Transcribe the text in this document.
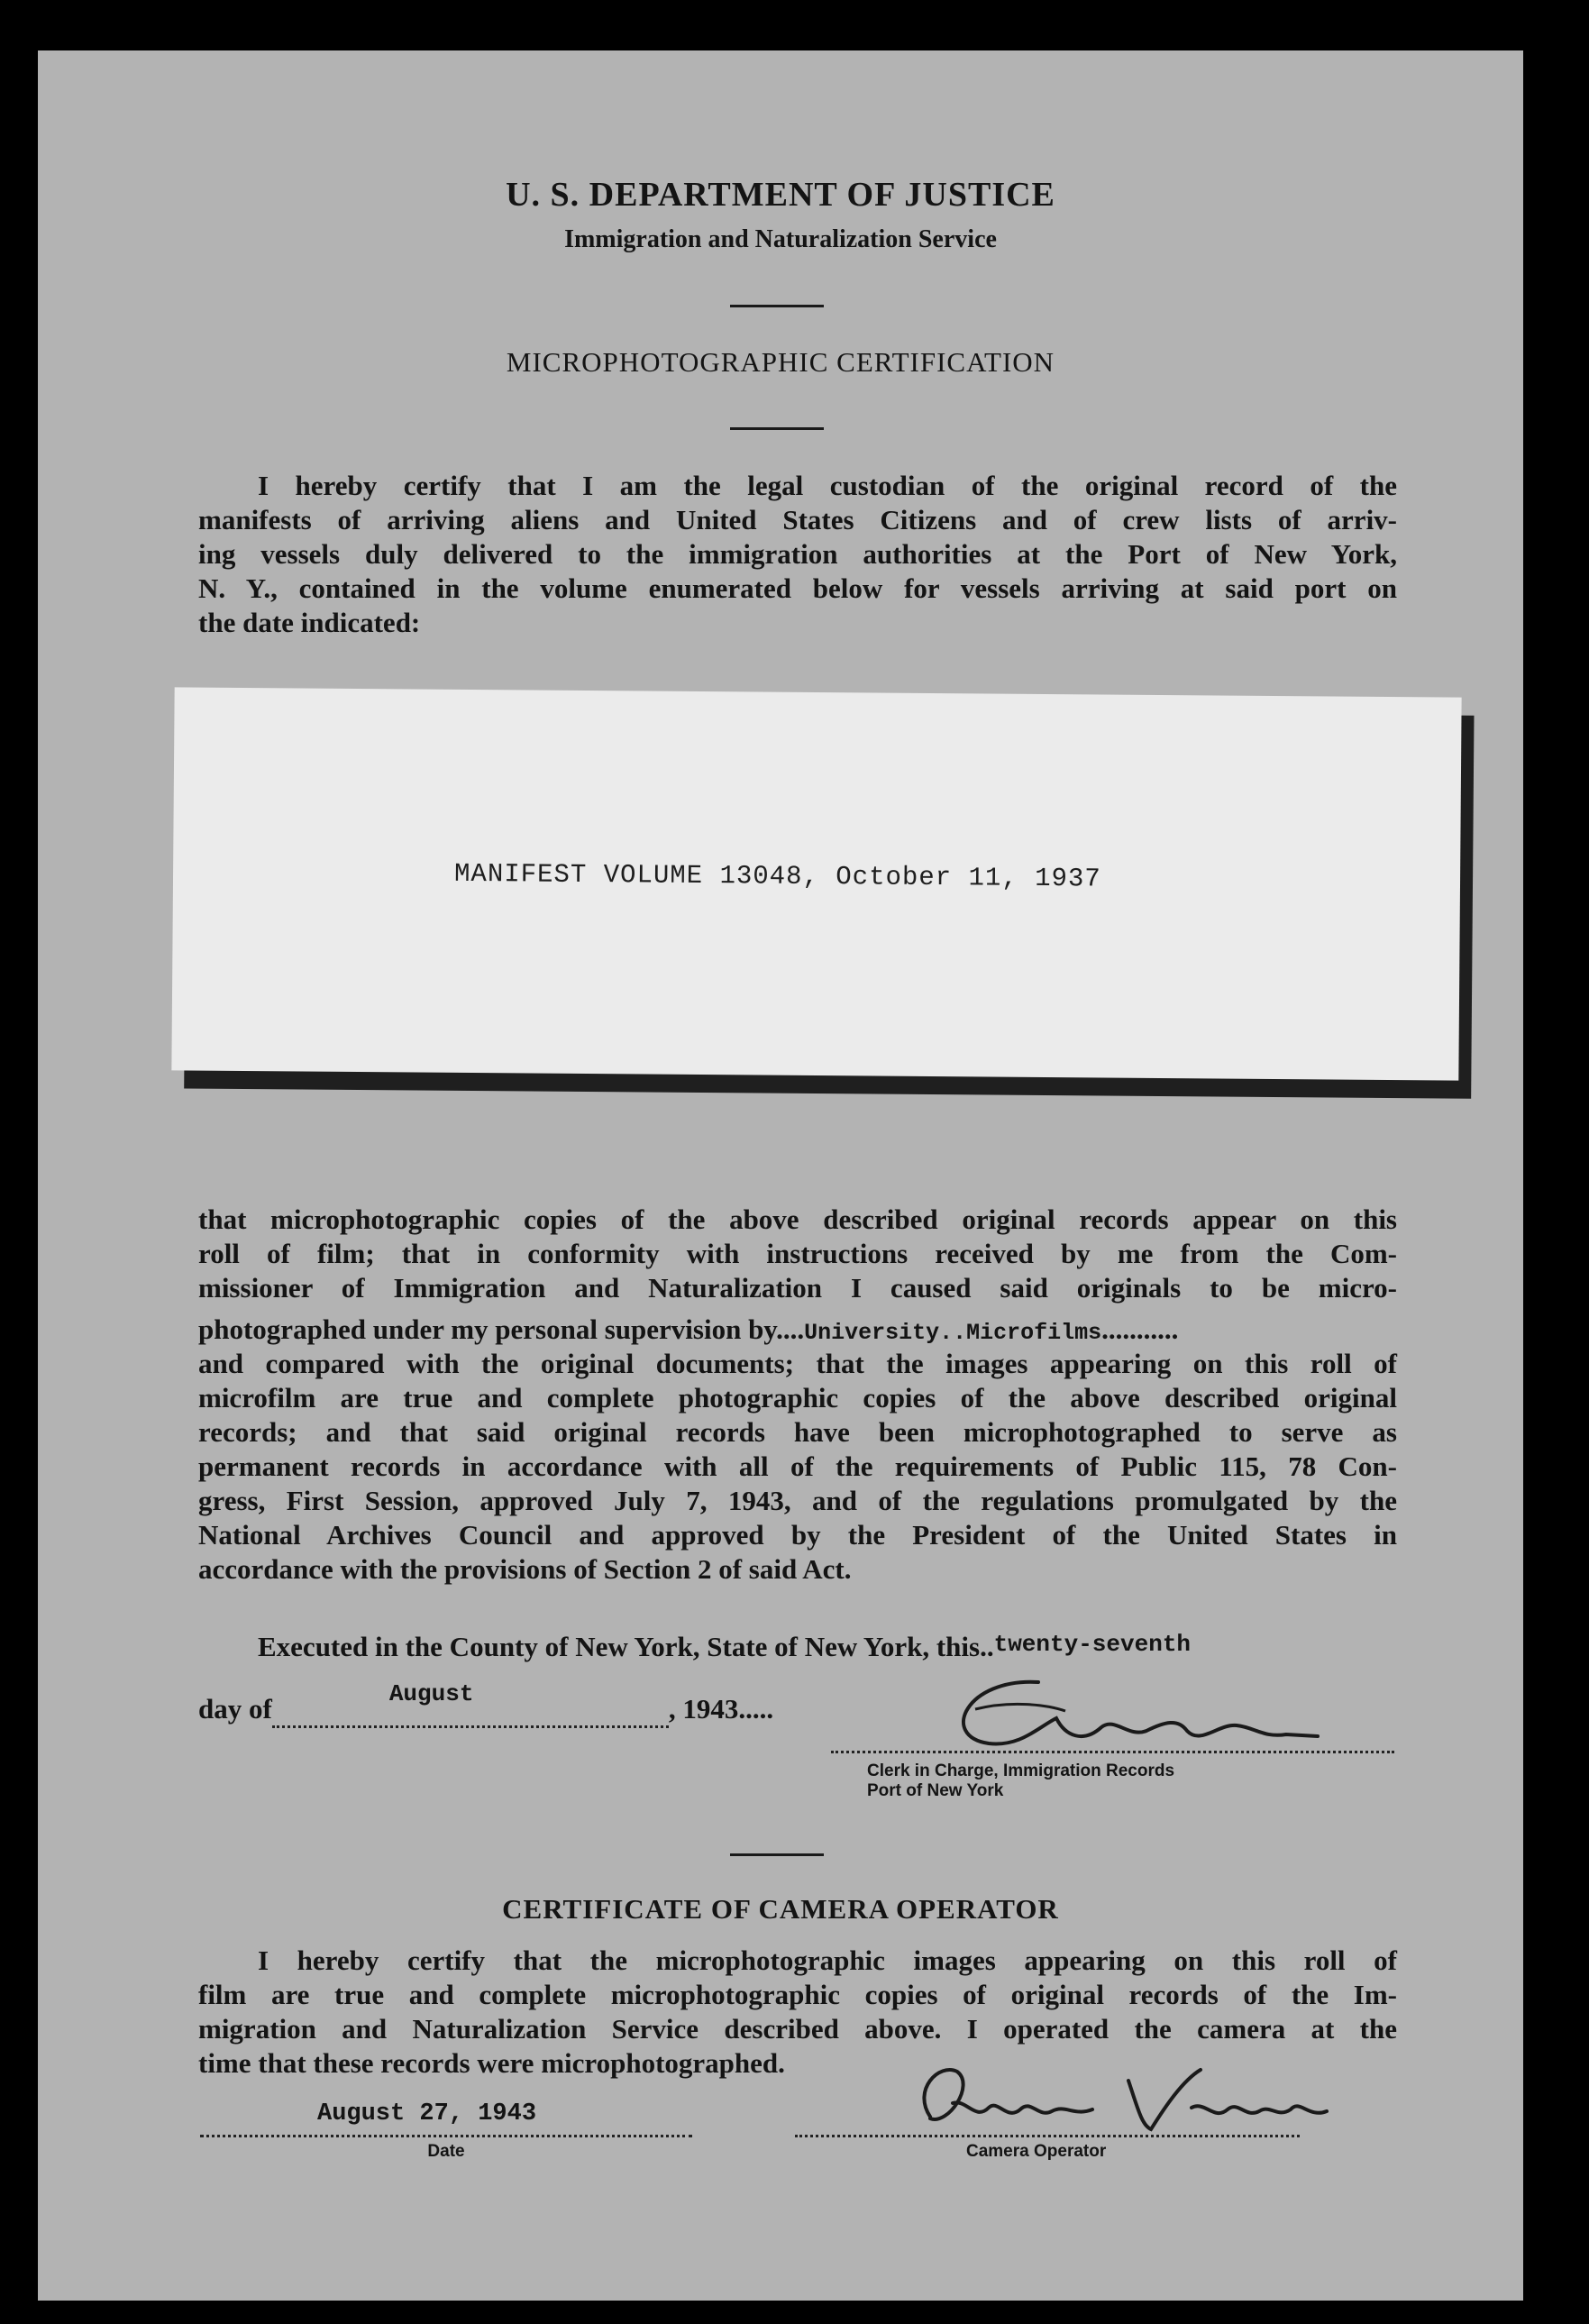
U. S. DEPARTMENT OF JUSTICE
Immigration and Naturalization Service
MICROPHOTOGRAPHIC CERTIFICATION
I hereby certify that I am the legal custodian of the original record of the
manifests of arriving aliens and United States Citizens and of crew lists of arriv-
ing vessels duly delivered to the immigration authorities at the Port of New York,
N. Y., contained in the volume enumerated below for vessels arriving at said port on
the date indicated:
MANIFEST VOLUME 13048, October 11, 1937
that microphotographic copies of the above described original records appear on this
roll of film; that in conformity with instructions received by me from the Com-
missioner of Immigration and Naturalization I caused said originals to be micro-
photographed under my personal supervision by....University..Microfilms...........
and compared with the original documents; that the images appearing on this roll of
microfilm are true and complete photographic copies of the above described original
records; and that said original records have been microphotographed to serve as
permanent records in accordance with all of the requirements of Public 115, 78 Con-
gress, First Session, approved July 7, 1943, and of the regulations promulgated by the
National Archives Council and approved by the President of the United States in
accordance with the provisions of Section 2 of said Act.
Executed in the County of New York, State of New York, this..twenty-seventh
day of	August	, 1943.....
Clerk in Charge, Immigration Records
Port of New York
CERTIFICATE OF CAMERA OPERATOR
I hereby certify that the microphotographic images appearing on this roll of
film are true and complete microphotographic copies of original records of the Im-
migration and Naturalization Service described above. I operated the camera at the
time that these records were microphotographed.
August 27, 1943
Date	Camera Operator
